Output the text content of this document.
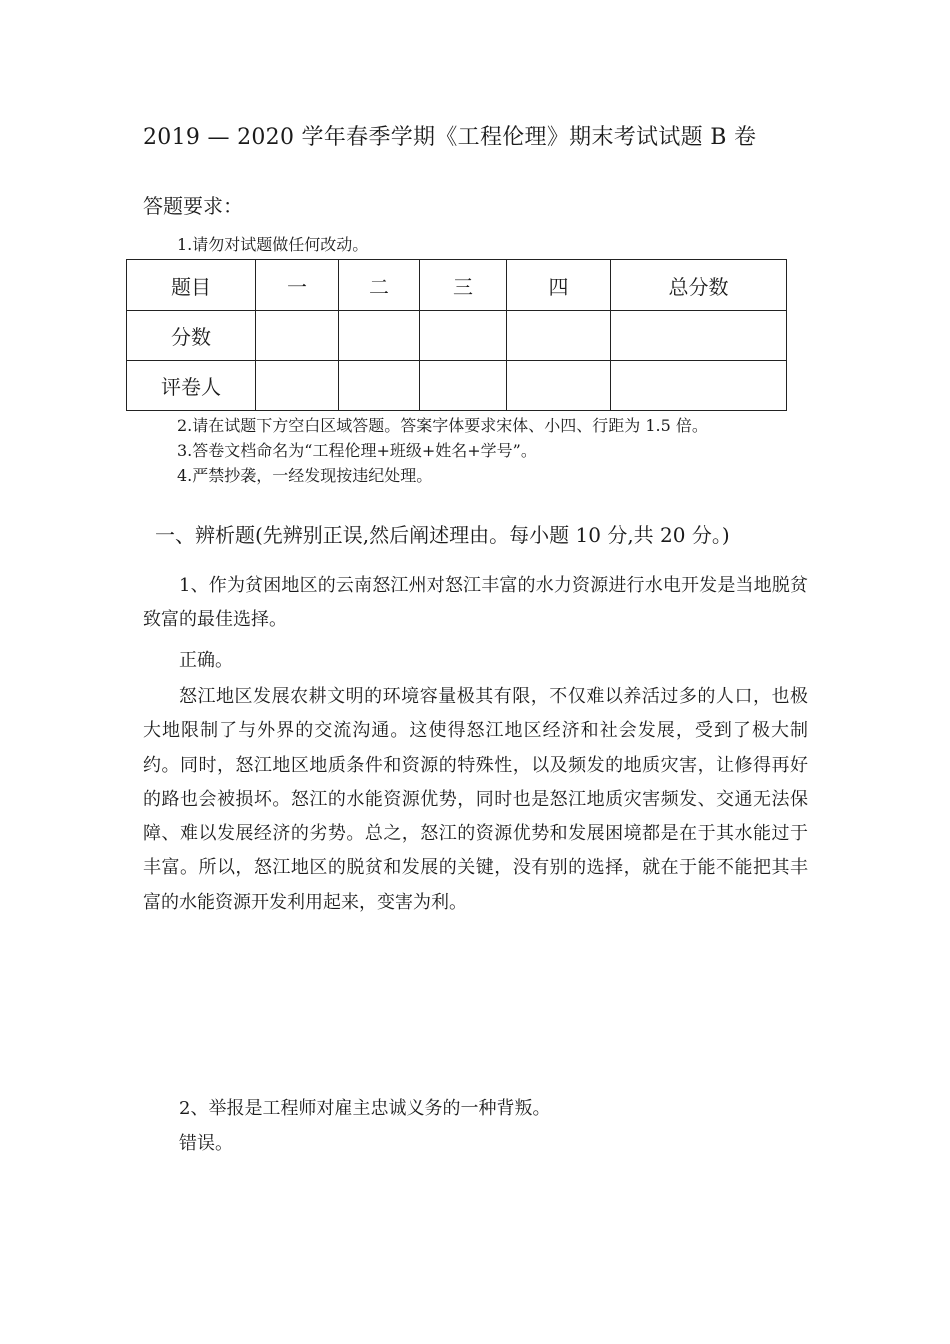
2019 — 2020 学年春季学期《工程伦理》期末考试试题 B 卷
答题要求：
1.请勿对试题做任何改动。
题目	一	二	三	四	总分数
分数					
评卷人					
2.请在试题下方空白区域答题。答案字体要求宋体、小四、行距为 1.5 倍。
3.答卷文档命名为“工程伦理+班级+姓名+学号”。
4.严禁抄袭，一经发现按违纪处理。
一、辨析题(先辨别正误,然后阐述理由。每小题 10 分,共 20 分。)

1、作为贫困地区的云南怒江州对怒江丰富的水力资源进行水电开发是当地脱贫致富的最佳选择。

正确。

怒江地区发展农耕文明的环境容量极其有限，不仅难以养活过多的人口，也极大地限制了与外界的交流沟通。这使得怒江地区经济和社会发展，受到了极大制约。同时，怒江地区地质条件和资源的特殊性，以及频发的地质灾害，让修得再好的路也会被损坏。怒江的水能资源优势，同时也是怒江地质灾害频发、交通无法保障、难以发展经济的劣势。总之，怒江的资源优势和发展困境都是在于其水能过于丰富。所以，怒江地区的脱贫和发展的关键，没有别的选择，就在于能不能把其丰富的水能资源开发利用起来，变害为利。

2、举报是工程师对雇主忠诚义务的一种背叛。

错误。
